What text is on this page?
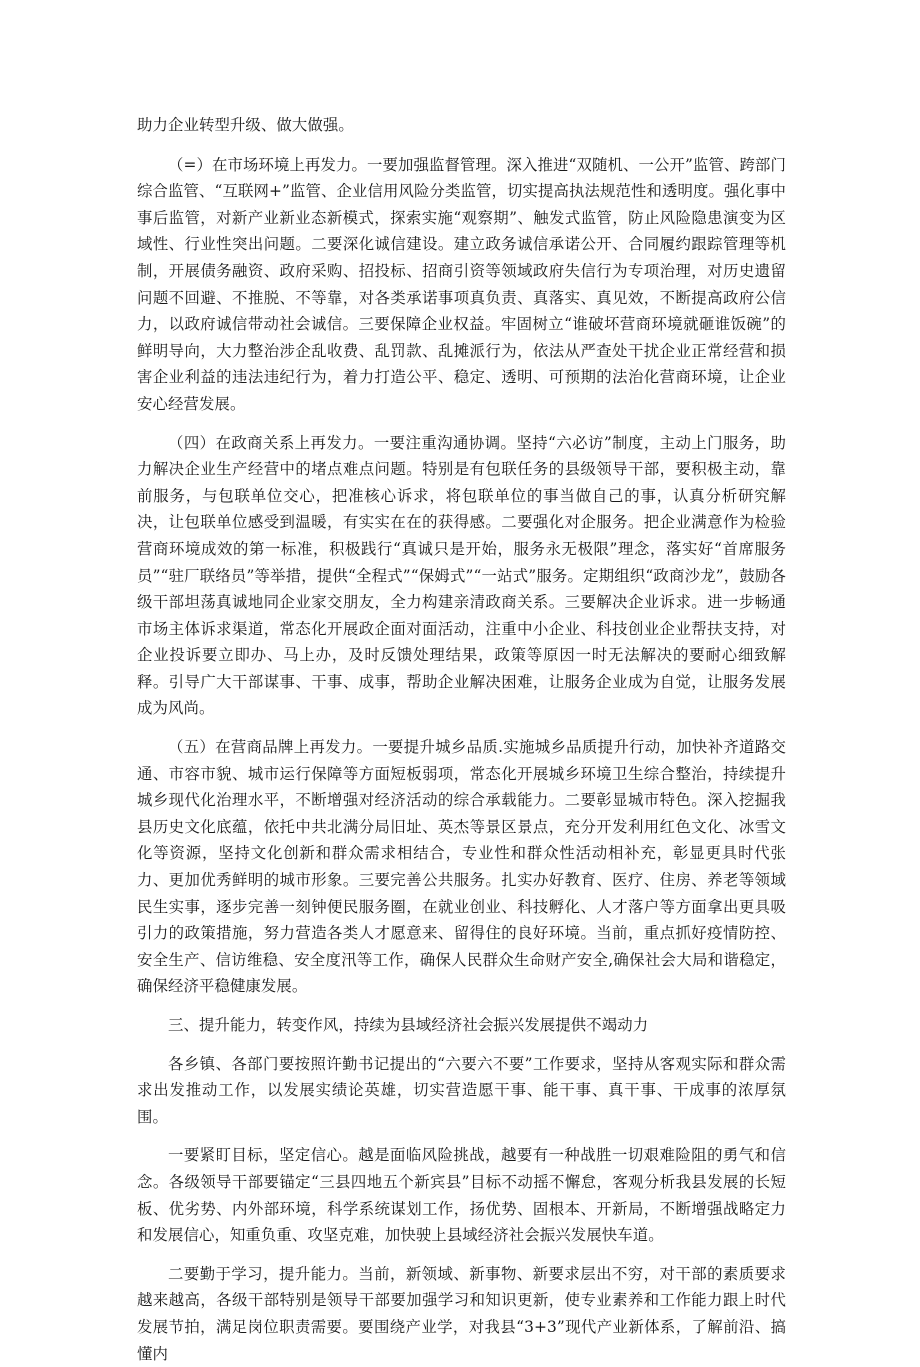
助力企业转型升级、做大做强。

（=）在市场环境上再发力。一要加强监督管理。深入推进“双随机、一公开”监管、跨部门综合监管、“互联网+”监管、企业信用风险分类监管，切实提高执法规范性和透明度。强化事中事后监管，对新产业新业态新模式，探索实施“观察期”、触发式监管，防止风险隐患演变为区域性、行业性突出问题。二要深化诚信建设。建立政务诚信承诺公开、合同履约跟踪管理等机制，开展债务融资、政府采购、招投标、招商引资等领域政府失信行为专项治理，对历史遗留问题不回避、不推脱、不等靠，对各类承诺事项真负责、真落实、真见效，不断提高政府公信力，以政府诚信带动社会诚信。三要保障企业权益。牢固树立“谁破坏营商环境就砸谁饭碗”的鲜明导向，大力整治涉企乱收费、乱罚款、乱摊派行为，依法从严查处干扰企业正常经营和损害企业利益的违法违纪行为，着力打造公平、稳定、透明、可预期的法治化营商环境，让企业安心经营发展。

（四）在政商关系上再发力。一要注重沟通协调。坚持“六必访”制度，主动上门服务，助力解决企业生产经营中的堵点难点问题。特别是有包联任务的县级领导干部，要积极主动，靠前服务，与包联单位交心，把准核心诉求，将包联单位的事当做自己的事，认真分析研究解决，让包联单位感受到温暖，有实实在在的获得感。二要强化对企服务。把企业满意作为检验营商环境成效的第一标准，积极践行“真诚只是开始，服务永无极限”理念，落实好“首席服务员”“驻厂联络员”等举措，提供“全程式”“保姆式”“一站式”服务。定期组织“政商沙龙”，鼓励各级干部坦荡真诚地同企业家交朋友，全力构建亲清政商关系。三要解决企业诉求。进一步畅通市场主体诉求渠道，常态化开展政企面对面活动，注重中小企业、科技创业企业帮扶支持，对企业投诉要立即办、马上办，及时反馈处理结果，政策等原因一时无法解决的要耐心细致解释。引导广大干部谋事、干事、成事，帮助企业解决困难，让服务企业成为自觉，让服务发展成为风尚。

（五）在营商品牌上再发力。一要提升城乡品质.实施城乡品质提升行动，加快补齐道路交通、市容市貌、城市运行保障等方面短板弱项，常态化开展城乡环境卫生综合整治，持续提升城乡现代化治理水平，不断增强对经济活动的综合承载能力。二要彰显城市特色。深入挖掘我县历史文化底蕴，依托中共北满分局旧址、英杰等景区景点，充分开发利用红色文化、冰雪文化等资源，坚持文化创新和群众需求相结合，专业性和群众性活动相补充，彰显更具时代张力、更加优秀鲜明的城市形象。三要完善公共服务。扎实办好教育、医疗、住房、养老等领域民生实事，逐步完善一刻钟便民服务圈，在就业创业、科技孵化、人才落户等方面拿出更具吸引力的政策措施，努力营造各类人才愿意来、留得住的良好环境。当前，重点抓好疫情防控、安全生产、信访维稳、安全度汛等工作，确保人民群众生命财产安全,确保社会大局和谐稳定，确保经济平稳健康发展。

三、提升能力，转变作风，持续为县域经济社会振兴发展提供不竭动力

各乡镇、各部门要按照许勤书记提出的“六要六不要”工作要求，坚持从客观实际和群众需求出发推动工作，以发展实绩论英雄，切实营造愿干事、能干事、真干事、干成事的浓厚氛围。

一要紧盯目标，坚定信心。越是面临风险挑战，越要有一种战胜一切艰难险阻的勇气和信念。各级领导干部要锚定“三县四地五个新宾县”目标不动摇不懈怠，客观分析我县发展的长短板、优劣势、内外部环境，科学系统谋划工作，扬优势、固根本、开新局，不断增强战略定力和发展信心，知重负重、攻坚克难，加快驶上县域经济社会振兴发展快车道。

二要勤于学习，提升能力。当前，新领域、新事物、新要求层出不穷，对干部的素质要求越来越高，各级干部特别是领导干部要加强学习和知识更新，使专业素养和工作能力跟上时代发展节拍，满足岗位职责需要。要围绕产业学，对我县“3+3”现代产业新体系，了解前沿、搞懂内
